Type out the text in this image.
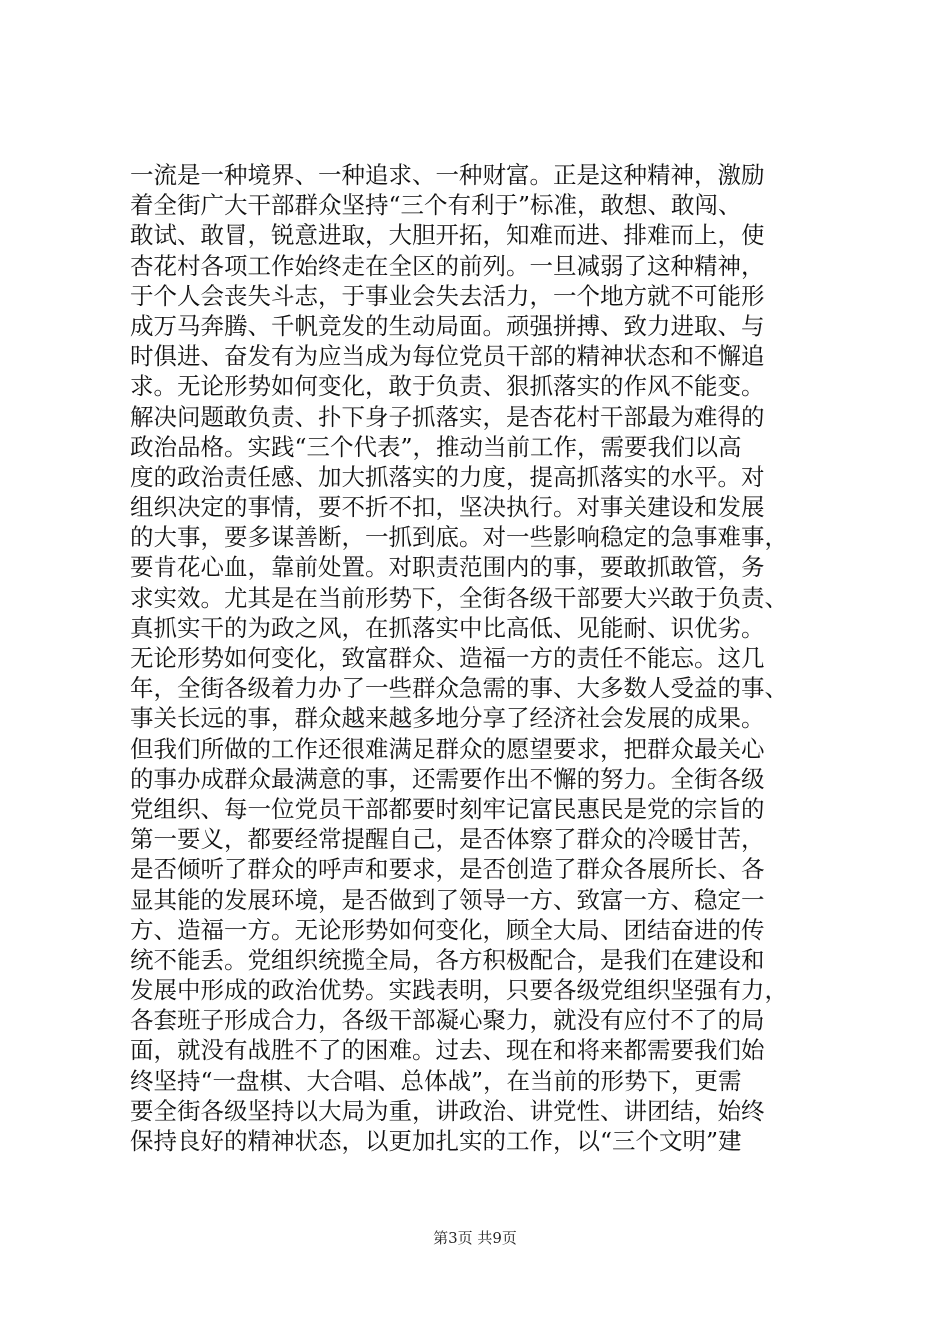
一流是一种境界、一种追求、一种财富。正是这种精神，激励
着全街广大干部群众坚持“三个有利于”标准，敢想、敢闯、
敢试、敢冒，锐意进取，大胆开拓，知难而进、排难而上，使
杏花村各项工作始终走在全区的前列。一旦减弱了这种精神，
于个人会丧失斗志，于事业会失去活力，一个地方就不可能形
成万马奔腾、千帆竞发的生动局面。顽强拼搏、致力进取、与
时俱进、奋发有为应当成为每位党员干部的精神状态和不懈追
求。无论形势如何变化，敢于负责、狠抓落实的作风不能变。
解决问题敢负责、扑下身子抓落实，是杏花村干部最为难得的
政治品格。实践“三个代表”，推动当前工作，需要我们以高
度的政治责任感、加大抓落实的力度，提高抓落实的水平。对
组织决定的事情，要不折不扣，坚决执行。对事关建设和发展
的大事，要多谋善断，一抓到底。对一些影响稳定的急事难事，
要肯花心血，靠前处置。对职责范围内的事，要敢抓敢管，务
求实效。尤其是在当前形势下，全街各级干部要大兴敢于负责、
真抓实干的为政之风，在抓落实中比高低、见能耐、识优劣。
无论形势如何变化，致富群众、造福一方的责任不能忘。这几
年，全街各级着力办了一些群众急需的事、大多数人受益的事、
事关长远的事，群众越来越多地分享了经济社会发展的成果。
但我们所做的工作还很难满足群众的愿望要求，把群众最关心
的事办成群众最满意的事，还需要作出不懈的努力。全街各级
党组织、每一位党员干部都要时刻牢记富民惠民是党的宗旨的
第一要义，都要经常提醒自己，是否体察了群众的冷暖甘苦，
是否倾听了群众的呼声和要求，是否创造了群众各展所长、各
显其能的发展环境，是否做到了领导一方、致富一方、稳定一
方、造福一方。无论形势如何变化，顾全大局、团结奋进的传
统不能丢。党组织统揽全局，各方积极配合，是我们在建设和
发展中形成的政治优势。实践表明，只要各级党组织坚强有力，
各套班子形成合力，各级干部凝心聚力，就没有应付不了的局
面，就没有战胜不了的困难。过去、现在和将来都需要我们始
终坚持“一盘棋、大合唱、总体战”，在当前的形势下，更需
要全街各级坚持以大局为重，讲政治、讲党性、讲团结，始终
保持良好的精神状态，以更加扎实的工作，以“三个文明”建
第3页 共9页
